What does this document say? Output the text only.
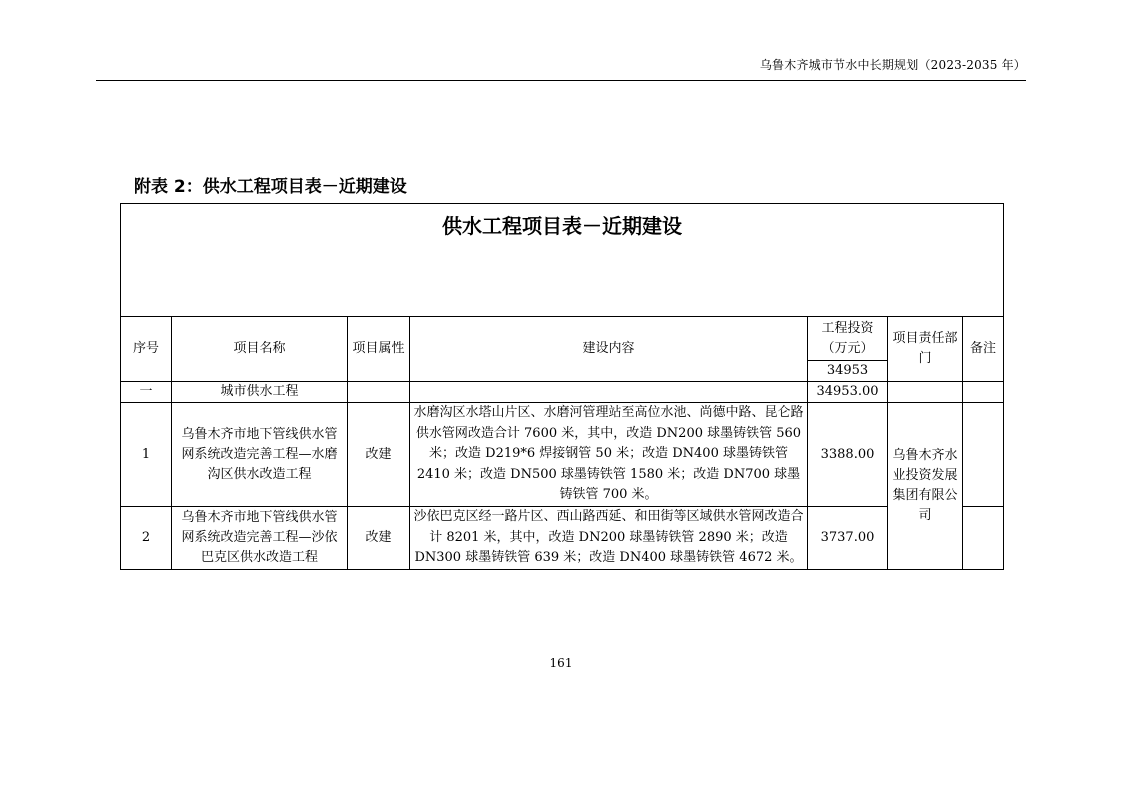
乌鲁木齐城市节水中长期规划（2023-2035 年）
附表 2：供水工程项目表－近期建设
供水工程项目表－近期建设						
序号	项目名称	项目属性	建设内容	工程投资（万元）	项目责任部门	备注
				34953		
一	城市供水工程			34953.00		
1	乌鲁木齐市地下管线供水管网系统改造完善工程—水磨沟区供水改造工程	改建	水磨沟区水塔山片区、水磨河管理站至高位水池、尚德中路、昆仑路供水管网改造合计 7600 米，其中，改造 DN200 球墨铸铁管 560 米；改造 D219*6 焊接钢管 50 米；改造 DN400 球墨铸铁管 2410 米；改造 DN500 球墨铸铁管 1580 米；改造 DN700 球墨铸铁管 700 米。	3388.00	乌鲁木齐水业投资发展集团有限公司	
2	乌鲁木齐市地下管线供水管网系统改造完善工程—沙依巴克区供水改造工程	改建	沙依巴克区经一路片区、西山路西延、和田街等区域供水管网改造合计 8201 米，其中，改造 DN200 球墨铸铁管 2890 米；改造 DN300 球墨铸铁管 639 米；改造 DN400 球墨铸铁管 4672 米。	3737.00		
161
